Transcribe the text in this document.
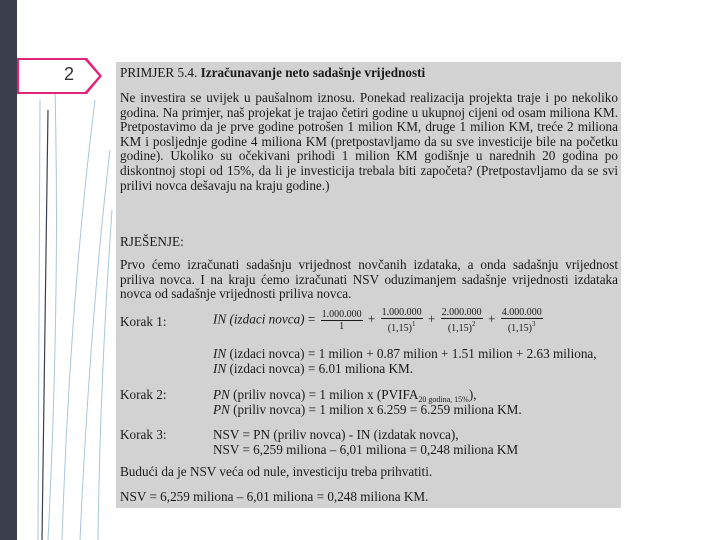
2	PRIMJER 5.4. Izračunavanje neto sadašnje vrijednosti
Ne investira se uvijek u paušalnom iznosu. Ponekad realizacija projekta traje i po nekoliko godina. Na primjer, naš projekat je trajao četiri godine u ukupnoj cijeni od osam miliona KM. Pretpostavimo da je prve godine potrošen 1 milion KM, druge 1 milion KM, treće 2 miliona KM i posljednje godine 4 miliona KM (pretpostavljamo da su sve investicije bile na početku godine). Ukoliko su očekivani prihodi 1 milion KM godišnje u narednih 20 godina po diskontnoj stopi od 15%, da li je investicija trebala biti započeta? (Pretpostavljamo da se svi prilivi novca dešavaju na kraju godine.)
RJEŠENJE:
Prvo ćemo izračunati sadašnju vrijednost novčanih izdataka, a onda sadašnju vrijednost priliva novca. I na kraju ćemo izračunati NSV oduzimanjem sadašnje vrijednosti izdataka novca od sadašnje vrijednosti priliva novca.
Korak 1:	IN (izdaci novca) = $\frac{1.000.000}{1} + \frac{1.000.000}{(1,15)^1} + \frac{2.000.000}{(1,15)^2} + \frac{4.000.000}{(1,15)^3}$
IN (izdaci novca) = 1 milion + 0.87 milion + 1.51 milion + 2.63 miliona,
IN (izdaci novca) = 6.01 miliona KM.
Korak 2:	PN (priliv novca) = 1 milion x $(PVIFA_{20 godina, 15\%})$,
PN (priliv novca) = 1 milion x 6.259 = 6.259 miliona KM.
Korak 3:	NSV = PN (priliv novca) - IN (izdatak novca),
NSV = 6,259 miliona – 6,01 miliona = 0,248 miliona KM
Budući da je NSV veća od nule, investiciju treba prihvatiti.
NSV = 6,259 miliona – 6,01 miliona = 0,248 miliona KM.
